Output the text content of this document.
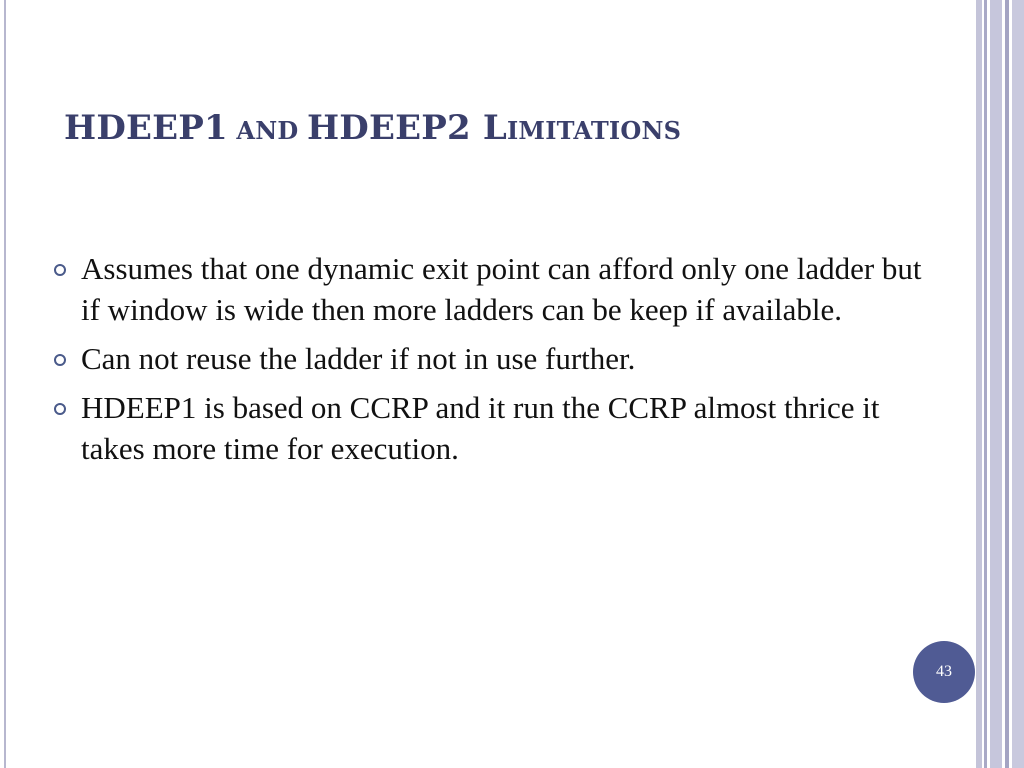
HDEEP1 AND HDEEP2 LIMITATIONS
Assumes that one dynamic exit point can afford only one ladder but if window is wide then more ladders can be keep if available.
Can not reuse the ladder if not in use further.
HDEEP1 is based on CCRP and it run the CCRP almost thrice it takes more time for execution.
43
